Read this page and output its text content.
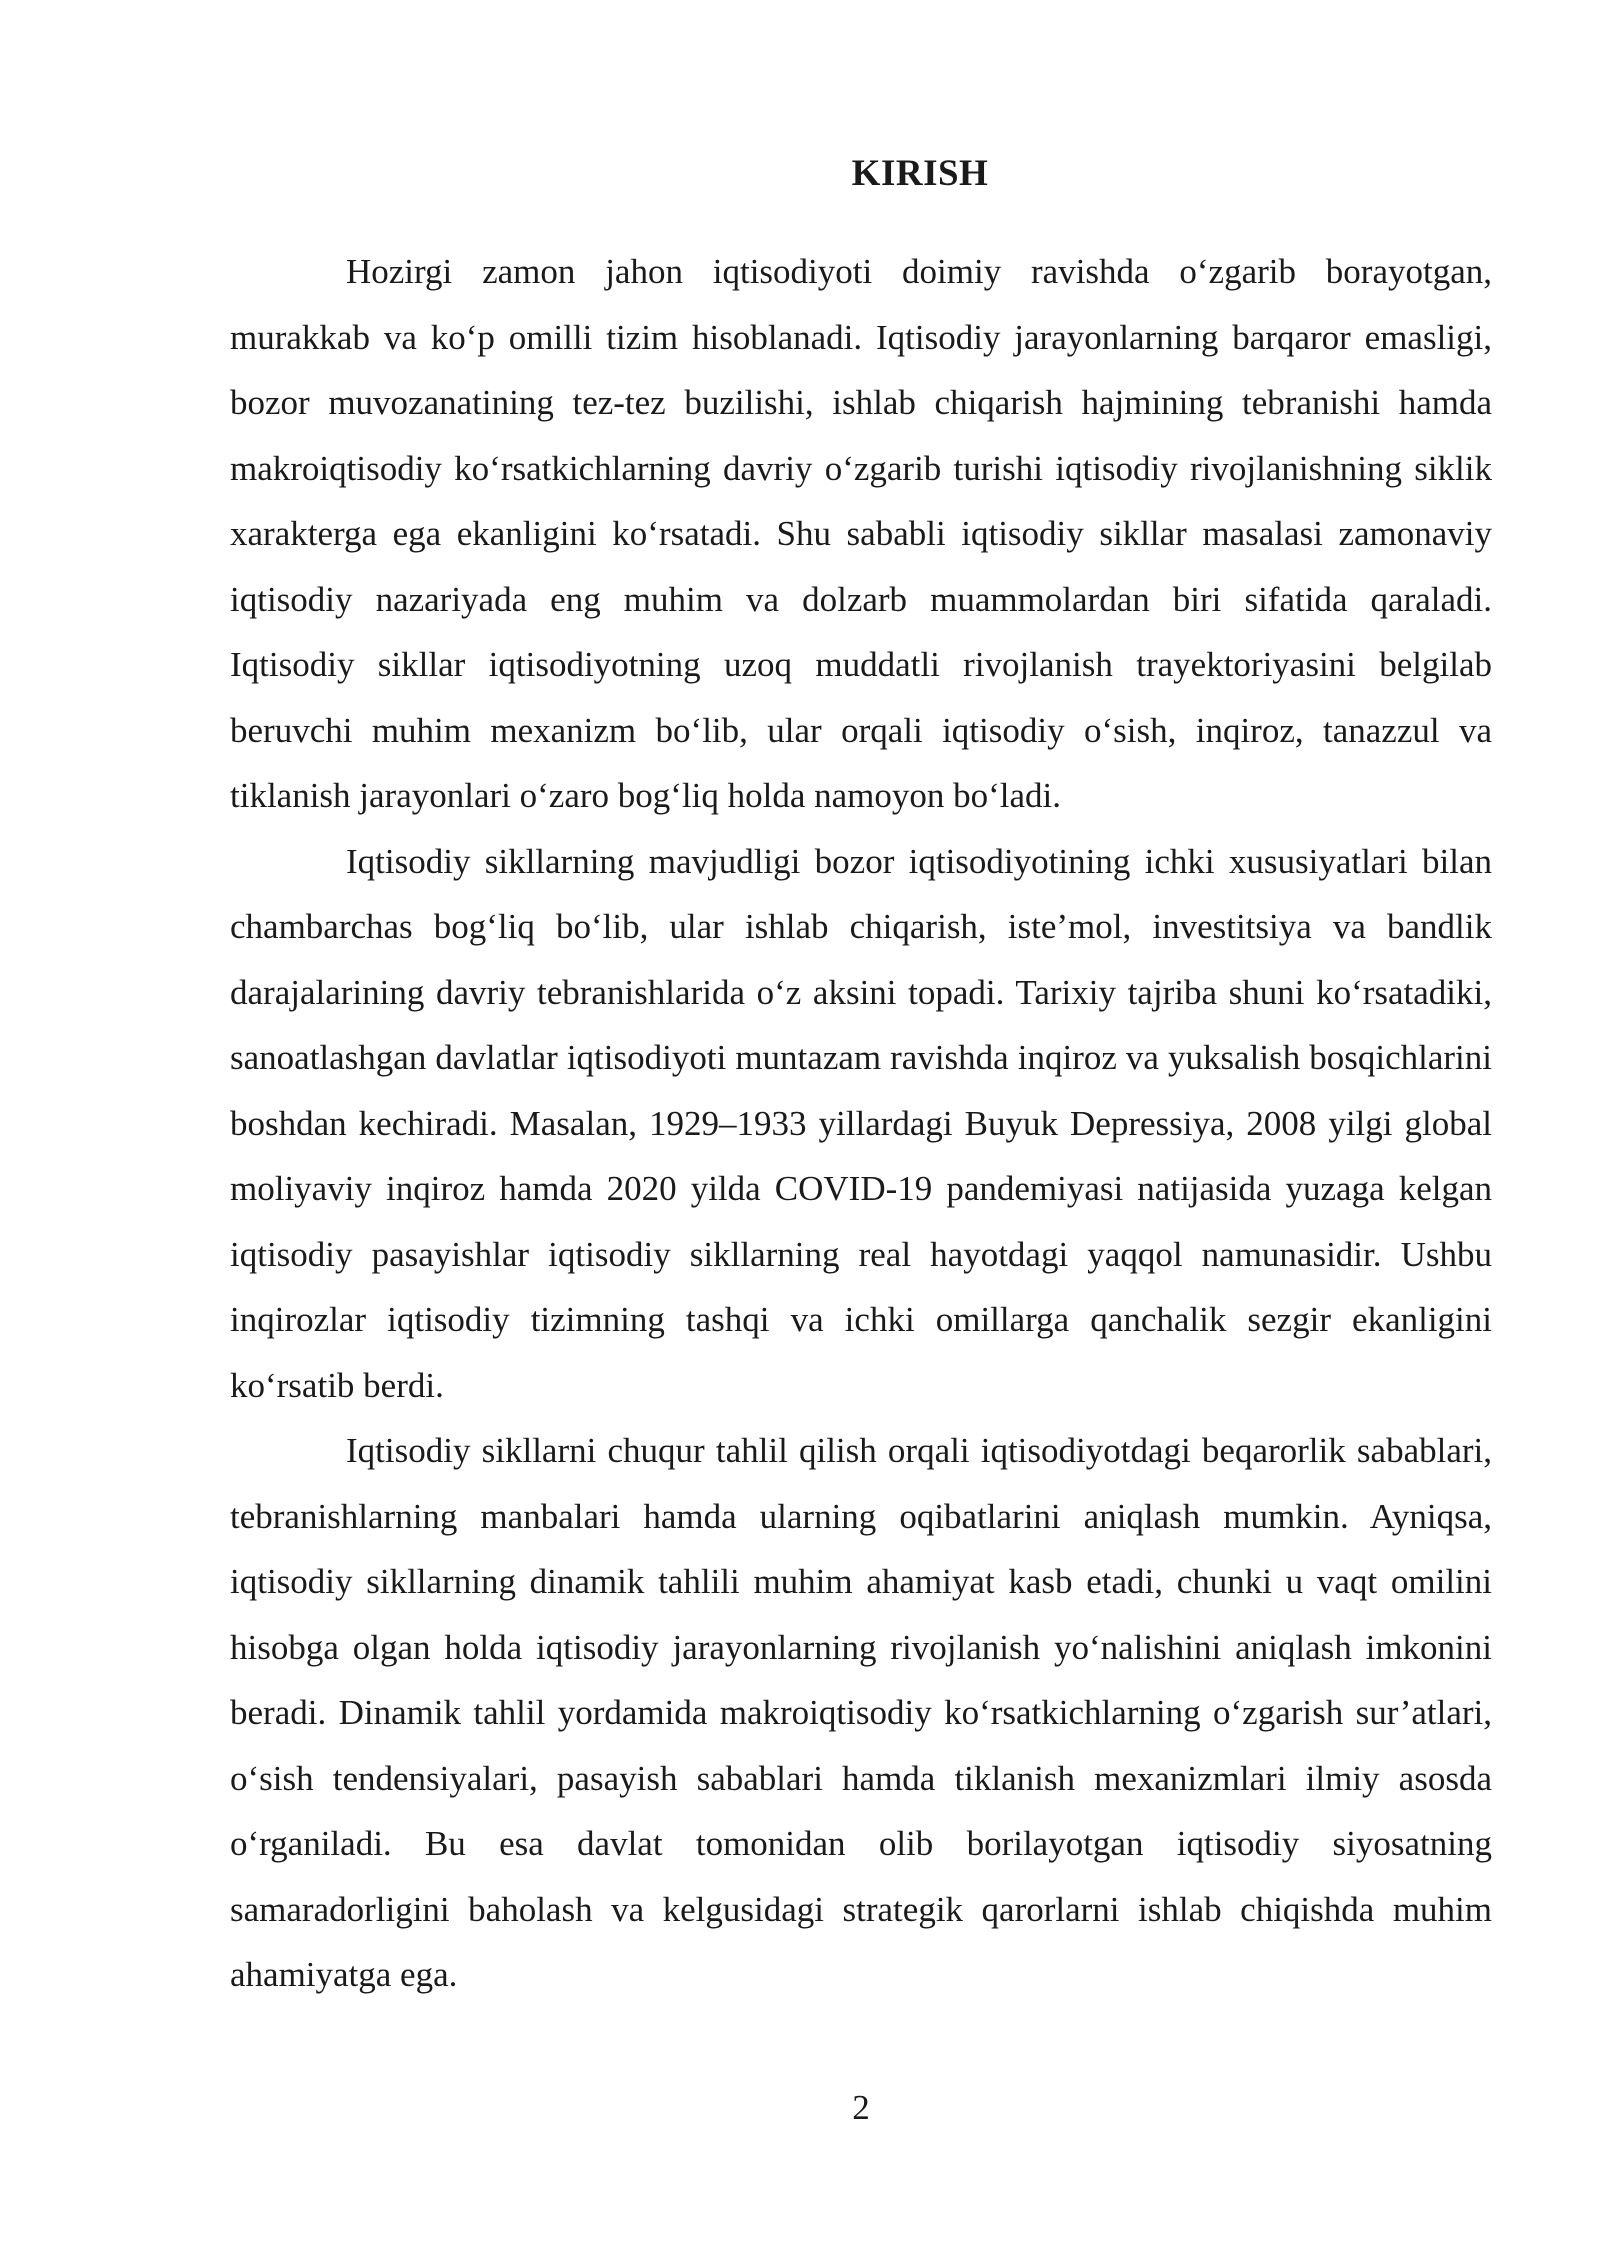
KIRISH

Hozirgi zamon jahon iqtisodiyoti doimiy ravishda o‘zgarib borayotgan, murakkab va ko‘p omilli tizim hisoblanadi. Iqtisodiy jarayonlarning barqaror emasligi, bozor muvozanatining tez-tez buzilishi, ishlab chiqarish hajmining tebranishi hamda makroiqtisodiy ko‘rsatkichlarning davriy o‘zgarib turishi iqtisodiy rivojlanishning siklik xarakterga ega ekanligini ko‘rsatadi. Shu sababli iqtisodiy sikllar masalasi zamonaviy iqtisodiy nazariyada eng muhim va dolzarb muammolardan biri sifatida qaraladi. Iqtisodiy sikllar iqtisodiyotning uzoq muddatli rivojlanish trayektoriyasini belgilab beruvchi muhim mexanizm bo‘lib, ular orqali iqtisodiy o‘sish, inqiroz, tanazzul va tiklanish jarayonlari o‘zaro bog‘liq holda namoyon bo‘ladi.

Iqtisodiy sikllarning mavjudligi bozor iqtisodiyotining ichki xususiyatlari bilan chambarchas bog‘liq bo‘lib, ular ishlab chiqarish, iste’mol, investitsiya va bandlik darajalarining davriy tebranishlarida o‘z aksini topadi. Tarixiy tajriba shuni ko‘rsatadiki, sanoatlashgan davlatlar iqtisodiyoti muntazam ravishda inqiroz va yuksalish bosqichlarini boshdan kechiradi. Masalan, 1929–1933 yillardagi Buyuk Depressiya, 2008 yilgi global moliyaviy inqiroz hamda 2020 yilda COVID-19 pandemiyasi natijasida yuzaga kelgan iqtisodiy pasayishlar iqtisodiy sikllarning real hayotdagi yaqqol namunasidir. Ushbu inqirozlar iqtisodiy tizimning tashqi va ichki omillarga qanchalik sezgir ekanligini ko‘rsatib berdi.

Iqtisodiy sikllarni chuqur tahlil qilish orqali iqtisodiyotdagi beqarorlik sabablari, tebranishlarning manbalari hamda ularning oqibatlarini aniqlash mumkin. Ayniqsa, iqtisodiy sikllarning dinamik tahlili muhim ahamiyat kasb etadi, chunki u vaqt omilini hisobga olgan holda iqtisodiy jarayonlarning rivojlanish yo‘nalishini aniqlash imkonini beradi. Dinamik tahlil yordamida makroiqtisodiy ko‘rsatkichlarning o‘zgarish sur’atlari, o‘sish tendensiyalari, pasayish sabablari hamda tiklanish mexanizmlari ilmiy asosda o‘rganiladi. Bu esa davlat tomonidan olib borilayotgan iqtisodiy siyosatning samaradorligini baholash va kelgusidagi strategik qarorlarni ishlab chiqishda muhim ahamiyatga ega.

2
